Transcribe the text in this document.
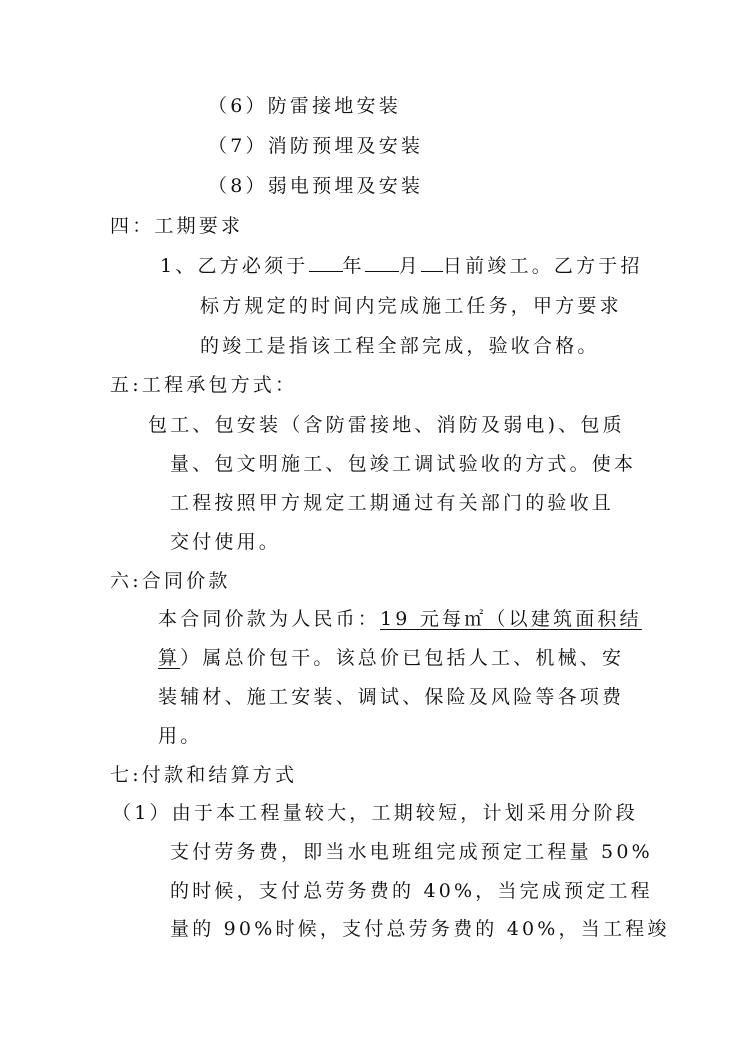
（6）防雷接地安装
（7）消防预埋及安装
（8）弱电预埋及安装
四：工期要求
1、乙方必须于 年 月 日前竣工。乙方于招
标方规定的时间内完成施工任务，甲方要求
的竣工是指该工程全部完成，验收合格。
五:工程承包方式：
包工、包安装（含防雷接地、消防及弱电)、包质
量、包文明施工、包竣工调试验收的方式。使本
工程按照甲方规定工期通过有关部门的验收且
交付使用。
六:合同价款
本合同价款为人民币：19 元每㎡（以建筑面积结
算）属总价包干。该总价已包括人工、机械、安
装辅材、施工安装、调试、保险及风险等各项费
用。
七:付款和结算方式
（1）由于本工程量较大，工期较短，计划采用分阶段
支付劳务费，即当水电班组完成预定工程量 50%
的时候，支付总劳务费的 40%，当完成预定工程
量的 90%时候，支付总劳务费的 40%，当工程竣
